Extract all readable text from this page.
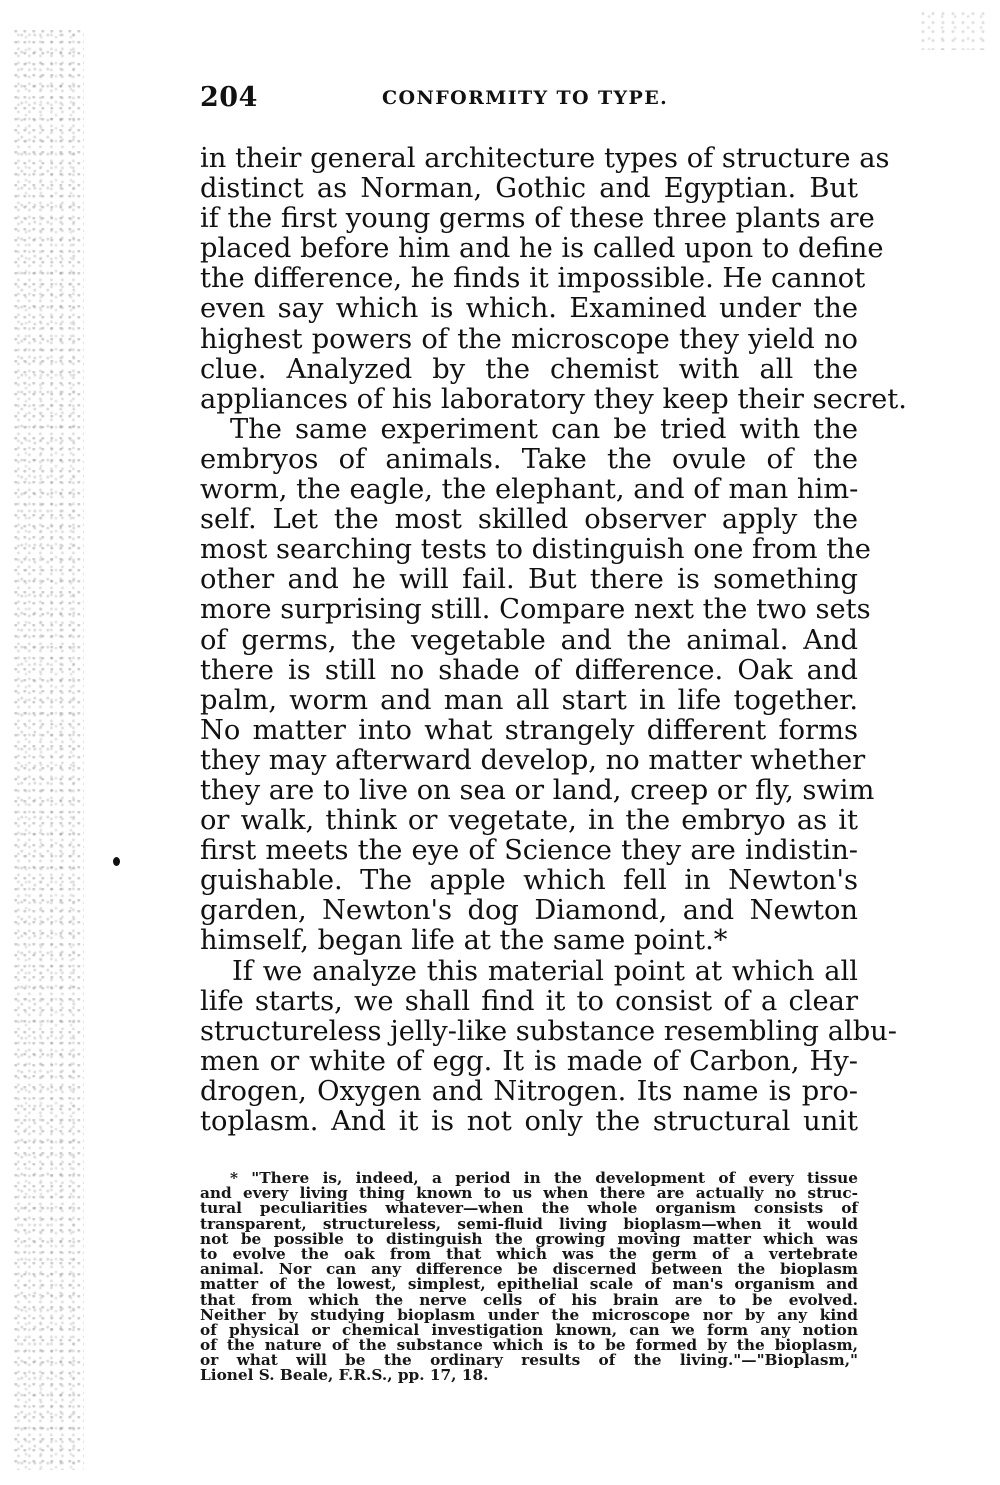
204	CONFORMITY TO TYPE.
in their general architecture types of structure as
distinct as Norman, Gothic and Egyptian. But
if the first young germs of these three plants are
placed before him and he is called upon to define
the difference, he finds it impossible. He cannot
even say which is which. Examined under the
highest powers of the microscope they yield no
clue. Analyzed by the chemist with all the
appliances of his laboratory they keep their secret.
The same experiment can be tried with the
embryos of animals. Take the ovule of the
worm, the eagle, the elephant, and of man him-
self. Let the most skilled observer apply the
most searching tests to distinguish one from the
other and he will fail. But there is something
more surprising still. Compare next the two sets
of germs, the vegetable and the animal. And
there is still no shade of difference. Oak and
palm, worm and man all start in life together.
No matter into what strangely different forms
they may afterward develop, no matter whether
they are to live on sea or land, creep or fly, swim
or walk, think or vegetate, in the embryo as it
first meets the eye of Science they are indistin-
guishable. The apple which fell in Newton's
garden, Newton's dog Diamond, and Newton
himself, began life at the same point.*
If we analyze this material point at which all
life starts, we shall find it to consist of a clear
structureless jelly-like substance resembling albu-
men or white of egg. It is made of Carbon, Hy-
drogen, Oxygen and Nitrogen. Its name is pro-
toplasm. And it is not only the structural unit
* "There is, indeed, a period in the development of every tissue
and every living thing known to us when there are actually no struc-
tural peculiarities whatever—when the whole organism consists of
transparent, structureless, semi-fluid living bioplasm—when it would
not be possible to distinguish the growing moving matter which was
to evolve the oak from that which was the germ of a vertebrate
animal. Nor can any difference be discerned between the bioplasm
matter of the lowest, simplest, epithelial scale of man's organism and
that from which the nerve cells of his brain are to be evolved.
Neither by studying bioplasm under the microscope nor by any kind
of physical or chemical investigation known, can we form any notion
of the nature of the substance which is to be formed by the bioplasm,
or what will be the ordinary results of the living."—"Bioplasm,"
Lionel S. Beale, F.R.S., pp. 17, 18.
